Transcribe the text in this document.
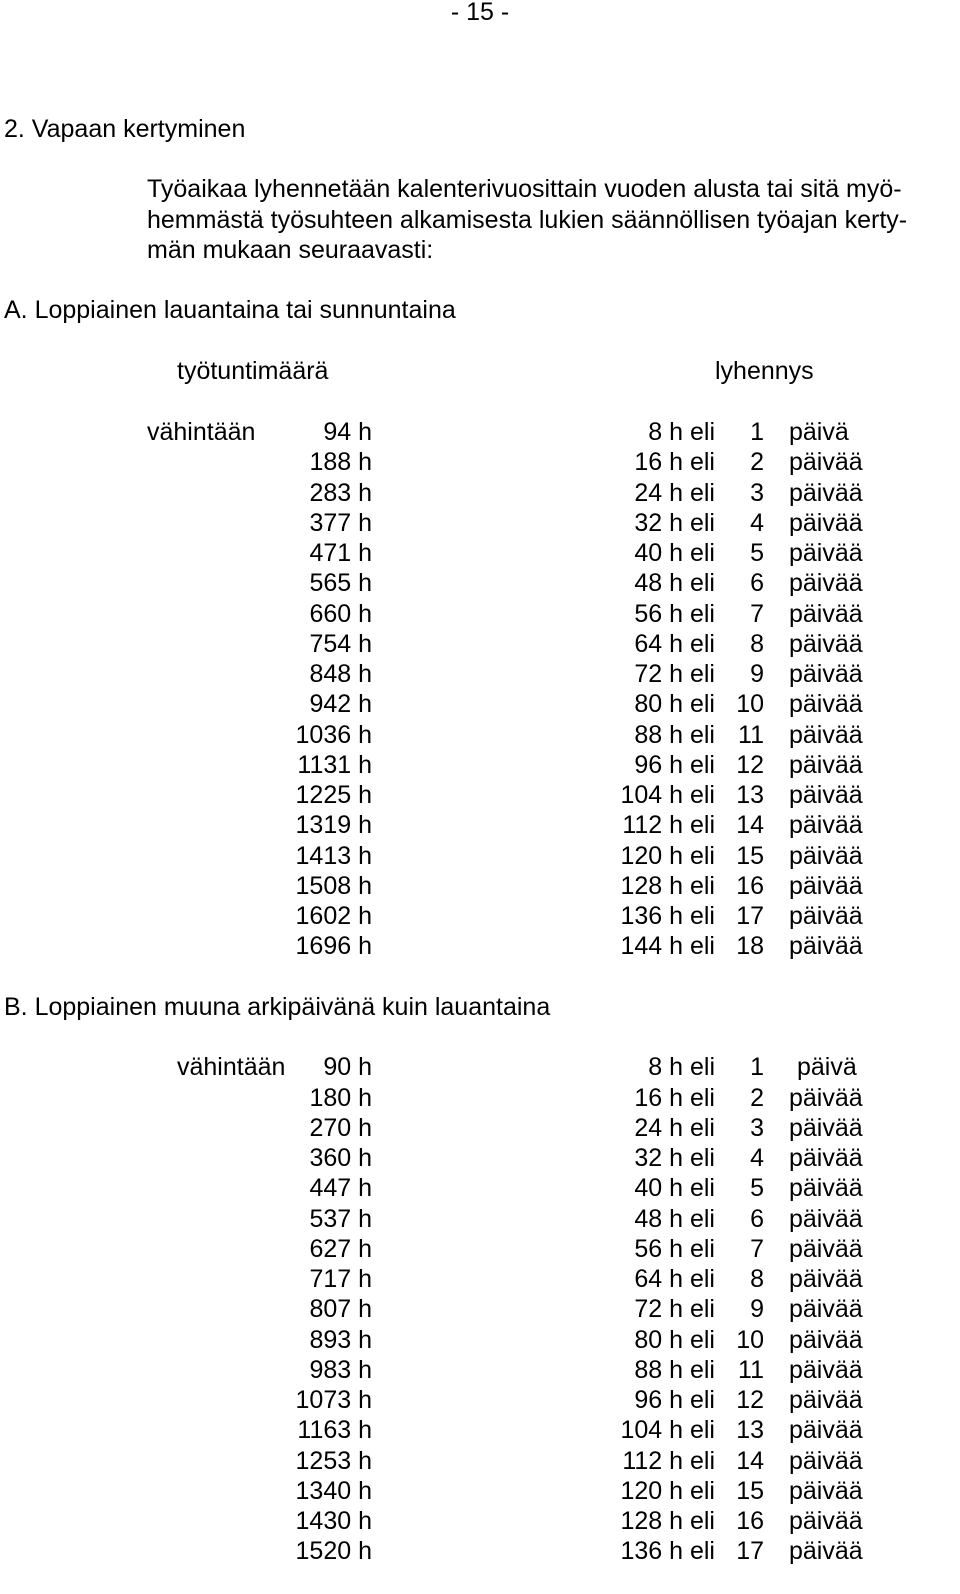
- 15 -
2. Vapaan kertyminen
Työaikaa lyhennetään kalenterivuosittain vuoden alusta tai sitä myö-
hemmästä työsuhteen alkamisesta lukien säännöllisen työajan kerty-
män mukaan seuraavasti:
A. Loppiainen lauantaina tai sunnuntaina
työtuntimäärä	lyhennys
vähintään	94 h	8 h eli 1 päivä
188 h	16 h eli 2 päivää
283 h	24 h eli 3 päivää
377 h	32 h eli 4 päivää
471 h	40 h eli 5 päivää
565 h	48 h eli 6 päivää
660 h	56 h eli 7 päivää
754 h	64 h eli 8 päivää
848 h	72 h eli 9 päivää
942 h	80 h eli 10 päivää
1036 h	88 h eli 11 päivää
1131 h	96 h eli 12 päivää
1225 h	104 h eli 13 päivää
1319 h	112 h eli 14 päivää
1413 h	120 h eli 15 päivää
1508 h	128 h eli 16 päivää
1602 h	136 h eli 17 päivää
1696 h	144 h eli 18 päivää
B. Loppiainen muuna arkipäivänä kuin lauantaina
vähintään 90 h	8 h eli 1 päivä
180 h	16 h eli 2 päivää
270 h	24 h eli 3 päivää
360 h	32 h eli 4 päivää
447 h	40 h eli 5 päivää
537 h	48 h eli 6 päivää
627 h	56 h eli 7 päivää
717 h	64 h eli 8 päivää
807 h	72 h eli 9 päivää
893 h	80 h eli 10 päivää
983 h	88 h eli 11 päivää
1073 h	96 h eli 12 päivää
1163 h	104 h eli 13 päivää
1253 h	112 h eli 14 päivää
1340 h	120 h eli 15 päivää
1430 h	128 h eli 16 päivää
1520 h	136 h eli 17 päivää
